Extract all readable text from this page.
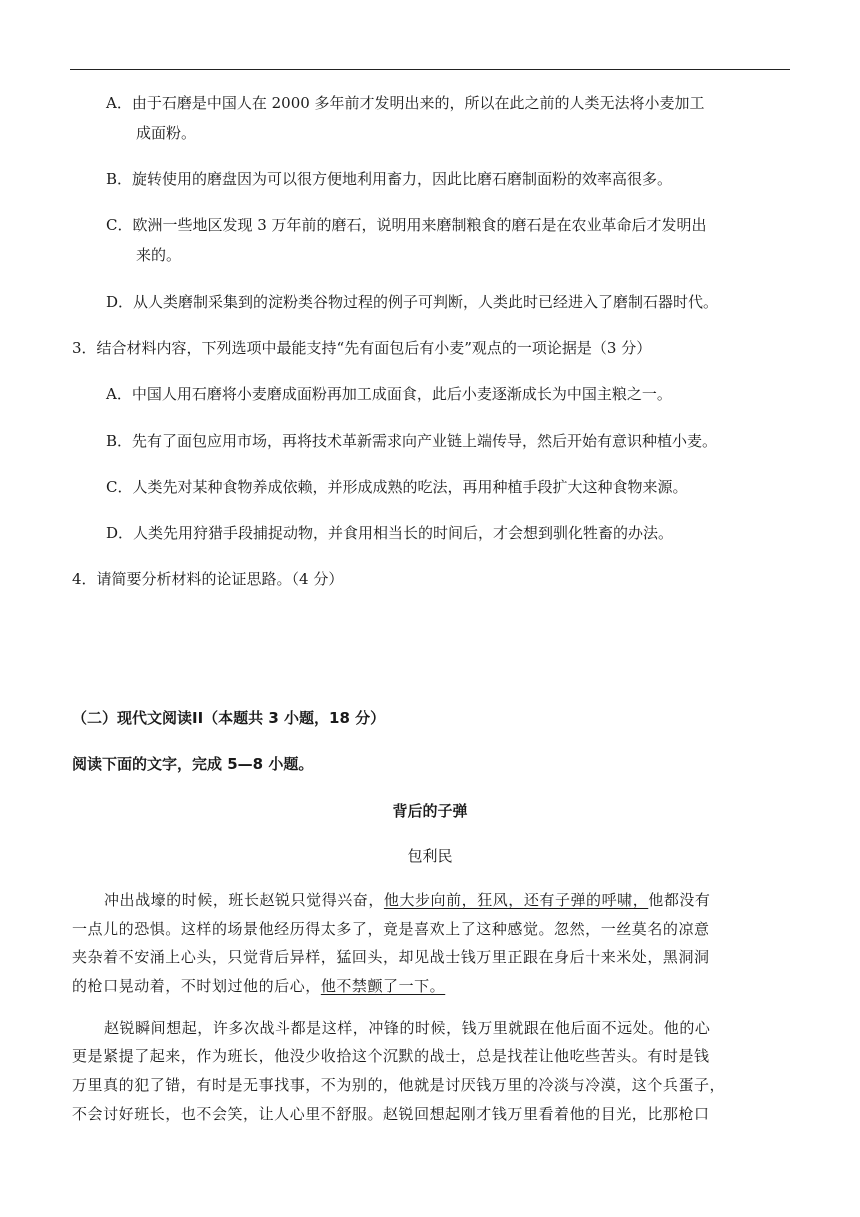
A．由于石磨是中国人在 2000 多年前才发明出来的，所以在此之前的人类无法将小麦加工
成面粉。
B．旋转使用的磨盘因为可以很方便地利用畜力，因此比磨石磨制面粉的效率高很多。
C．欧洲一些地区发现 3 万年前的磨石，说明用来磨制粮食的磨石是在农业革命后才发明出
来的。
D．从人类磨制采集到的淀粉类谷物过程的例子可判断，人类此时已经进入了磨制石器时代。
3．结合材料内容，下列选项中最能支持“先有面包后有小麦”观点的一项论据是（3 分）
A．中国人用石磨将小麦磨成面粉再加工成面食，此后小麦逐渐成长为中国主粮之一。
B．先有了面包应用市场，再将技术革新需求向产业链上端传导，然后开始有意识种植小麦。
C．人类先对某种食物养成依赖，并形成成熟的吃法，再用种植手段扩大这种食物来源。
D．人类先用狩猎手段捕捉动物，并食用相当长的时间后，才会想到驯化牲畜的办法。
4．请简要分析材料的论证思路。（4 分）
（二）现代文阅读II（本题共 3 小题，18 分）
阅读下面的文字，完成 5—8 小题。
背后的子弹
包利民
冲出战壕的时候，班长赵锐只觉得兴奋，他大步向前，狂风，还有子弹的呼啸，他都没有
一点儿的恐惧。这样的场景他经历得太多了，竟是喜欢上了这种感觉。忽然，一丝莫名的凉意
夹杂着不安涌上心头，只觉背后异样，猛回头，却见战士钱万里正跟在身后十来米处，黑洞洞
的枪口晃动着，不时划过他的后心，他不禁颤了一下。
赵锐瞬间想起，许多次战斗都是这样，冲锋的时候，钱万里就跟在他后面不远处。他的心
更是紧提了起来，作为班长，他没少收拾这个沉默的战士，总是找茬让他吃些苦头。有时是钱
万里真的犯了错，有时是无事找事，不为别的，他就是讨厌钱万里的冷淡与冷漠，这个兵蛋子，
不会讨好班长，也不会笑，让人心里不舒服。赵锐回想起刚才钱万里看着他的目光，比那枪口
